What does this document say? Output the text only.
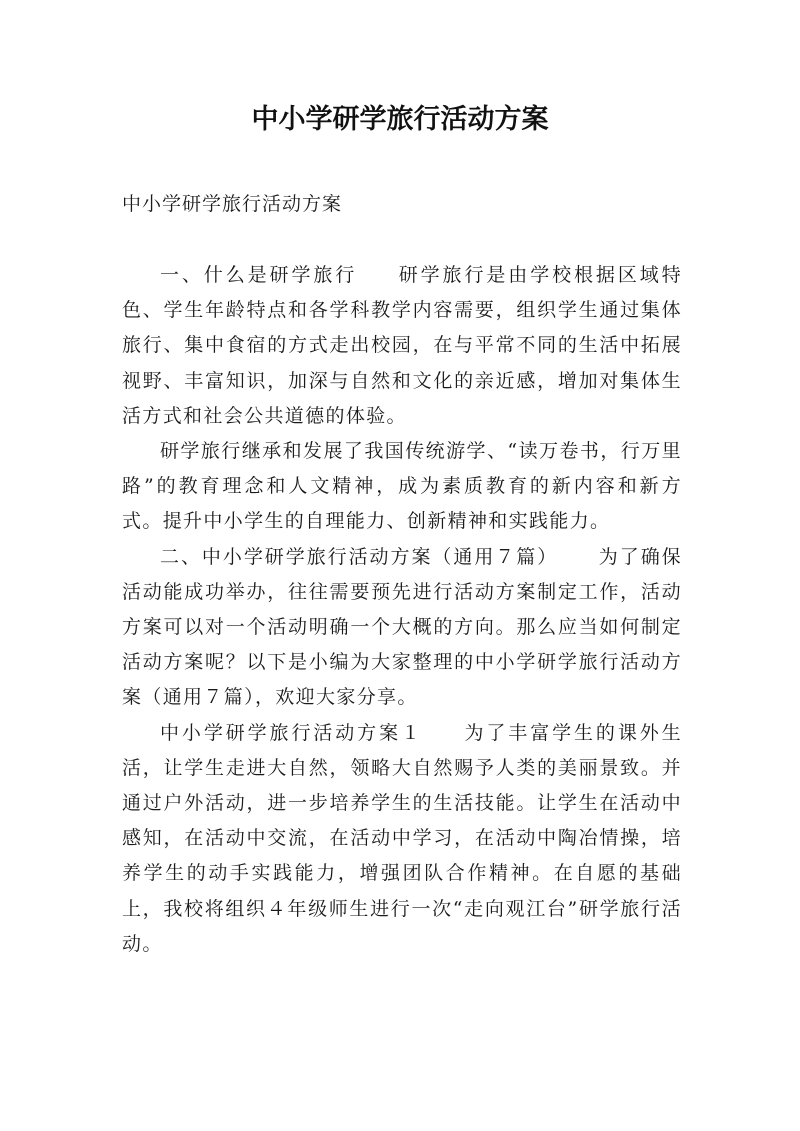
中小学研学旅行活动方案

中小学研学旅行活动方案

一、什么是研学旅行 研学旅行是由学校根据区域特色、学生年龄特点和各学科教学内容需要，组织学生通过集体旅行、集中食宿的方式走出校园，在与平常不同的生活中拓展视野、丰富知识，加深与自然和文化的亲近感，增加对集体生活方式和社会公共道德的体验。

研学旅行继承和发展了我国传统游学、“读万卷书，行万里路”的教育理念和人文精神，成为素质教育的新内容和新方式。提升中小学生的自理能力、创新精神和实践能力。

二、中小学研学旅行活动方案（通用７篇） 为了确保活动能成功举办，往往需要预先进行活动方案制定工作，活动方案可以对一个活动明确一个大概的方向。那么应当如何制定活动方案呢？以下是小编为大家整理的中小学研学旅行活动方案（通用７篇），欢迎大家分享。

中小学研学旅行活动方案１ 为了丰富学生的课外生活，让学生走进大自然，领略大自然赐予人类的美丽景致。并通过户外活动，进一步培养学生的生活技能。让学生在活动中感知，在活动中交流，在活动中学习，在活动中陶冶情操，培养学生的动手实践能力，增强团队合作精神。在自愿的基础上，我校将组织４年级师生进行一次“走向观江台”研学旅行活动。
